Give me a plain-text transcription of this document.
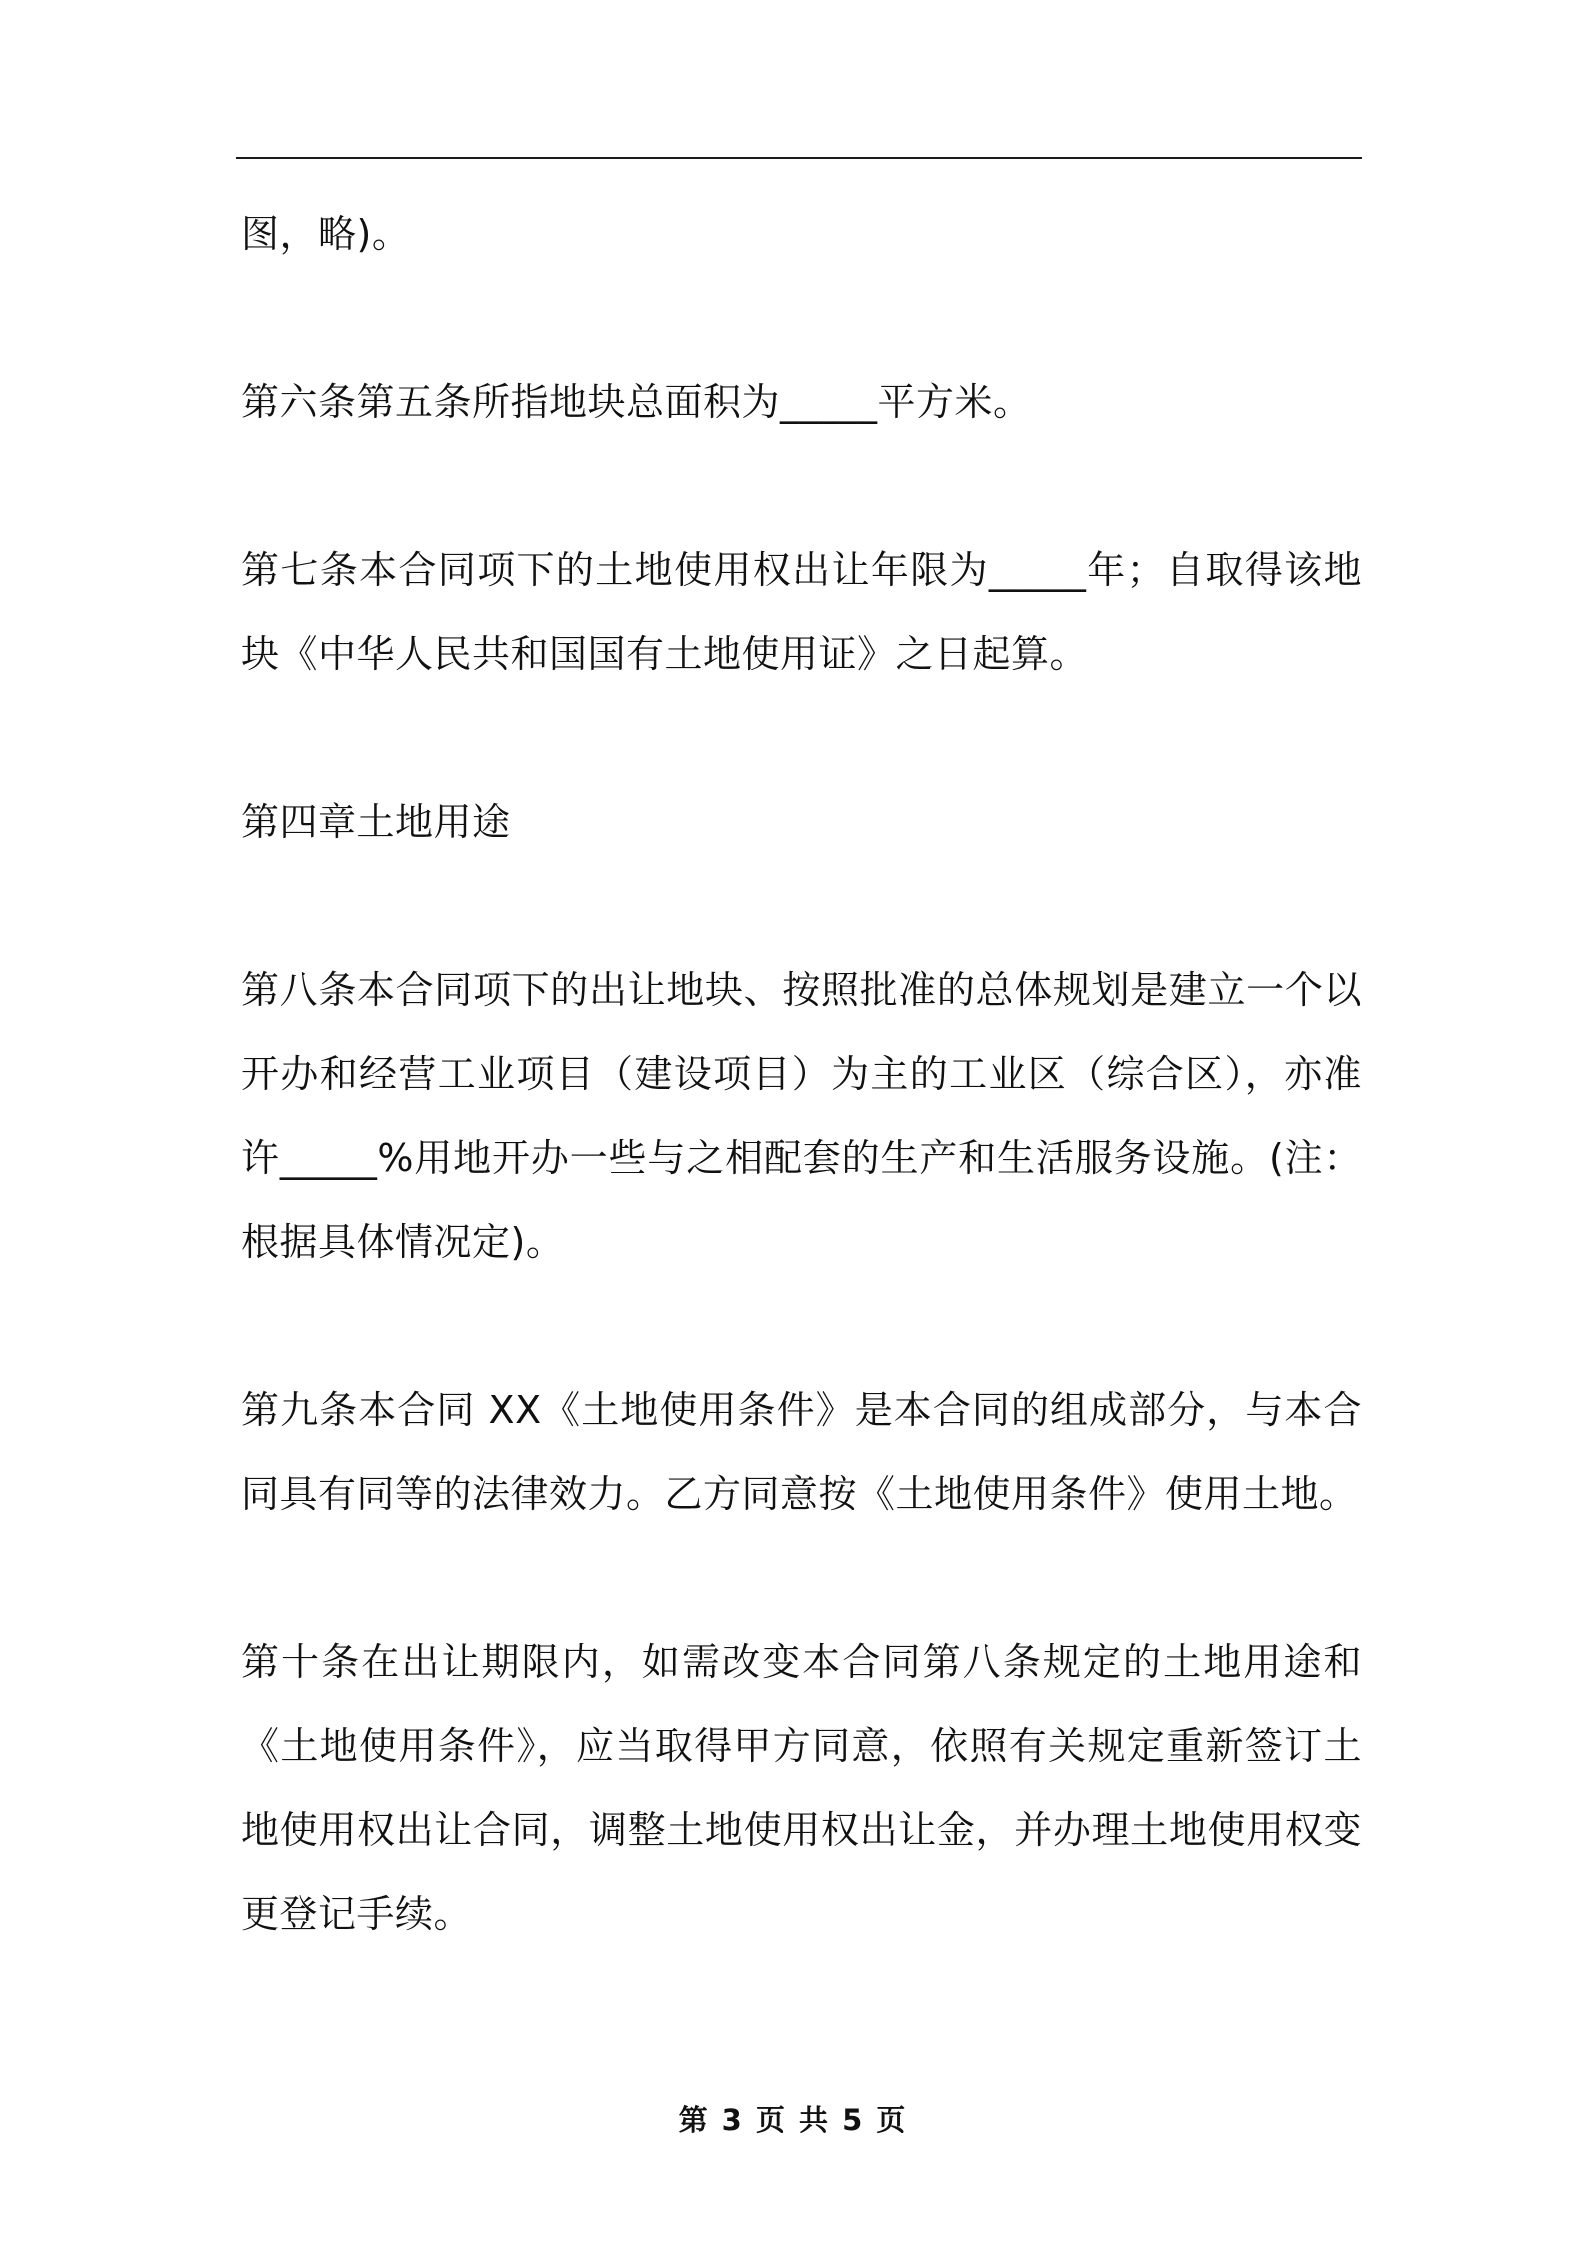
图，略)。

第六条第五条所指地块总面积为_____平方米。

第七条本合同项下的土地使用权出让年限为_____年；自取得该地块《中华人民共和国国有土地使用证》之日起算。

第四章土地用途

第八条本合同项下的出让地块、按照批准的总体规划是建立一个以开办和经营工业项目（建设项目）为主的工业区（综合区），亦准许_____%用地开办一些与之相配套的生产和生活服务设施。(注：根据具体情况定)。

第九条本合同 XX《土地使用条件》是本合同的组成部分，与本合同具有同等的法律效力。乙方同意按《土地使用条件》使用土地。

第十条在出让期限内，如需改变本合同第八条规定的土地用途和《土地使用条件》，应当取得甲方同意，依照有关规定重新签订土地使用权出让合同，调整土地使用权出让金，并办理土地使用权变更登记手续。

第 3 页 共 5 页
